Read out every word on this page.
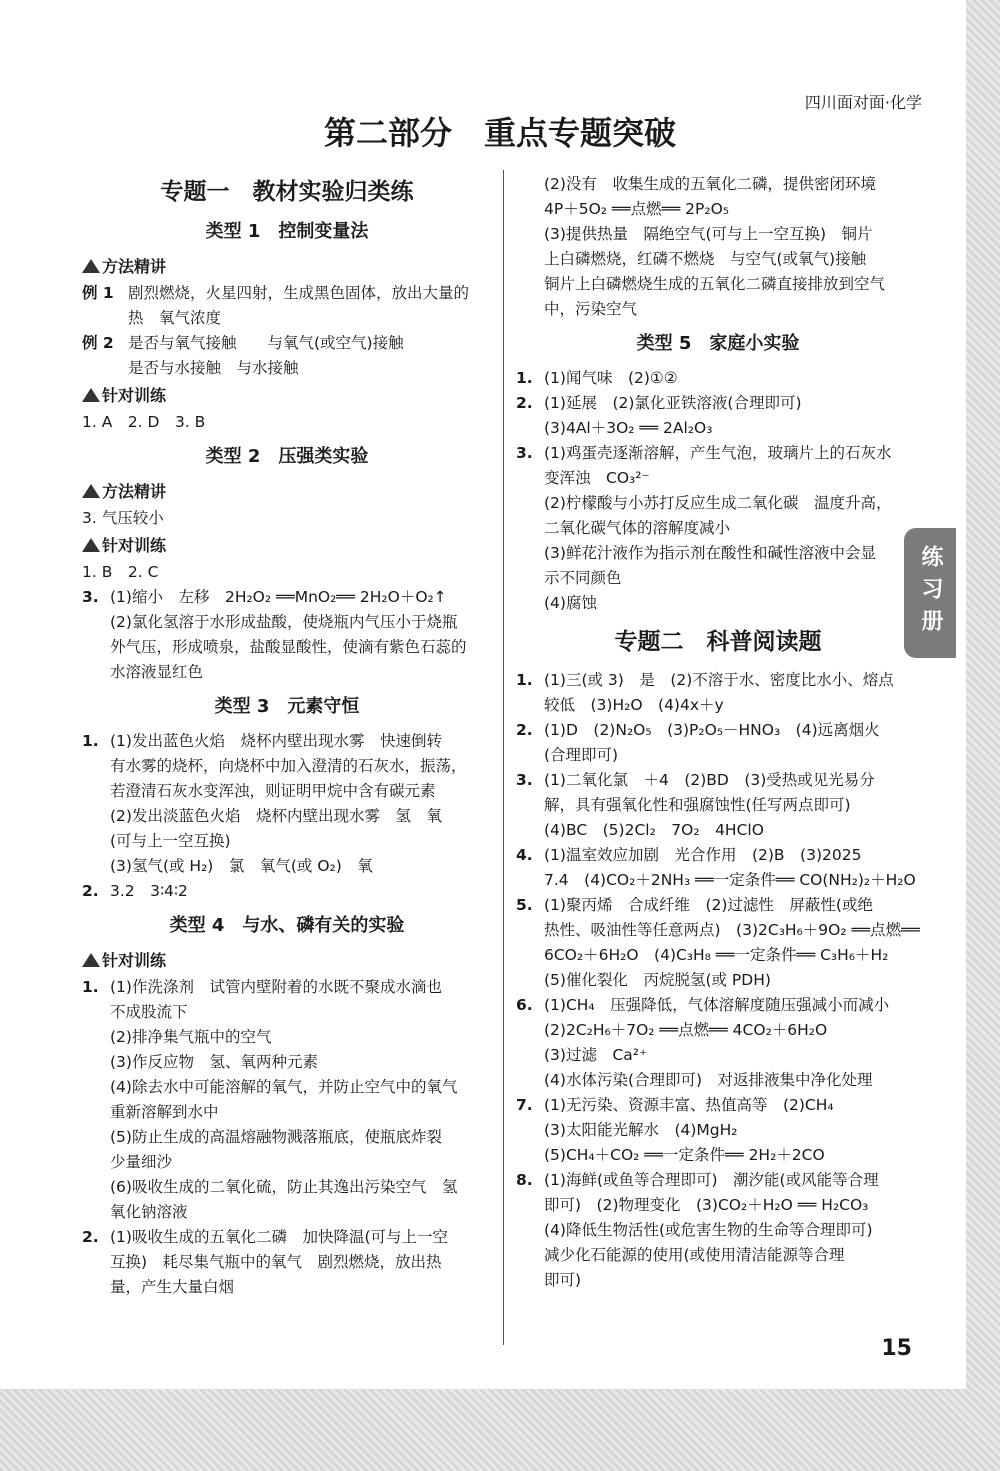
四川面对面·化学
第二部分　重点专题突破
练习册
专题一　教材实验归类练
类型 1　控制变量法
方法精讲
例 1 剧烈燃烧，火星四射，生成黑色固体，放出大量的
热　氧气浓度
例 2 是否与氧气接触　　与氧气(或空气)接触
是否与水接触　与水接触
针对训练
1. A　2. D　3. B
类型 2　压强类实验
方法精讲
3. 气压较小
针对训练
1. B　2. C
3. (1)缩小　左移　2H₂O₂ ══MnO₂══ 2H₂O＋O₂↑
(2)氯化氢溶于水形成盐酸，使烧瓶内气压小于烧瓶
外气压，形成喷泉，盐酸显酸性，使滴有紫色石蕊的
水溶液显红色
类型 3　元素守恒
1. (1)发出蓝色火焰　烧杯内壁出现水雾　快速倒转
有水雾的烧杯，向烧杯中加入澄清的石灰水，振荡，
若澄清石灰水变浑浊，则证明甲烷中含有碳元素
(2)发出淡蓝色火焰　烧杯内壁出现水雾　氢　氧
(可与上一空互换)
(3)氢气(或 H₂)　氯　氧气(或 O₂)　氧
2. 3.2　3∶4∶2
类型 4　与水、磷有关的实验
针对训练
1. (1)作洗涤剂　试管内壁附着的水既不聚成水滴也
不成股流下
(2)排净集气瓶中的空气
(3)作反应物　氢、氧两种元素
(4)除去水中可能溶解的氧气，并防止空气中的氧气
重新溶解到水中
(5)防止生成的高温熔融物溅落瓶底，使瓶底炸裂
少量细沙
(6)吸收生成的二氧化硫，防止其逸出污染空气　氢
氧化钠溶液
2. (1)吸收生成的五氧化二磷　加快降温(可与上一空
互换)　耗尽集气瓶中的氧气　剧烈燃烧，放出热
量，产生大量白烟
(2)没有　收集生成的五氧化二磷，提供密闭环境
4P＋5O₂ ══点燃══ 2P₂O₅
(3)提供热量　隔绝空气(可与上一空互换)　铜片
上白磷燃烧，红磷不燃烧　与空气(或氧气)接触
铜片上白磷燃烧生成的五氧化二磷直接排放到空气
中，污染空气
类型 5　家庭小实验
1. (1)闻气味　(2)①②
2. (1)延展　(2)氯化亚铁溶液(合理即可)
(3)4Al＋3O₂ ══ 2Al₂O₃
3. (1)鸡蛋壳逐渐溶解，产生气泡，玻璃片上的石灰水
变浑浊　CO₃²⁻
(2)柠檬酸与小苏打反应生成二氧化碳　温度升高，
二氧化碳气体的溶解度减小
(3)鲜花汁液作为指示剂在酸性和碱性溶液中会显
示不同颜色
(4)腐蚀
专题二　科普阅读题
1. (1)三(或 3)　是　(2)不溶于水、密度比水小、熔点
较低　(3)H₂O　(4)4x＋y
2. (1)D　(2)N₂O₅　(3)P₂O₅－HNO₃　(4)远离烟火
(合理即可)
3. (1)二氧化氯　＋4　(2)BD　(3)受热或见光易分
解，具有强氧化性和强腐蚀性(任写两点即可)
(4)BC　(5)2Cl₂　7O₂　4HClO
4. (1)温室效应加剧　光合作用　(2)B　(3)2025
7.4　(4)CO₂＋2NH₃ ══一定条件══ CO(NH₂)₂＋H₂O
5. (1)聚丙烯　合成纤维　(2)过滤性　屏蔽性(或绝
热性、吸油性等任意两点)　(3)2C₃H₆＋9O₂ ══点燃══
6CO₂＋6H₂O　(4)C₃H₈ ══一定条件══ C₃H₆＋H₂
(5)催化裂化　丙烷脱氢(或 PDH)
6. (1)CH₄　压强降低，气体溶解度随压强减小而减小
(2)2C₂H₆＋7O₂ ══点燃══ 4CO₂＋6H₂O
(3)过滤　Ca²⁺
(4)水体污染(合理即可)　对返排液集中净化处理
7. (1)无污染、资源丰富、热值高等　(2)CH₄
(3)太阳能光解水　(4)MgH₂
(5)CH₄＋CO₂ ══一定条件══ 2H₂＋2CO
8. (1)海鲜(或鱼等合理即可)　潮汐能(或风能等合理
即可)　(2)物理变化　(3)CO₂＋H₂O ══ H₂CO₃
(4)降低生物活性(或危害生物的生命等合理即可)
减少化石能源的使用(或使用清洁能源等合理
即可)
15
